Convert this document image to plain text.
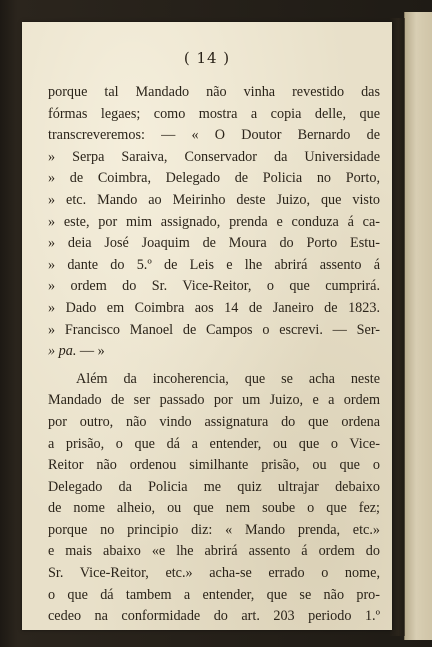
( 14 )
porque tal Mandado não vinha revestido das
fórmas legaes; como mostra a copia delle, que
transcreveremos: — « O Doutor Bernardo de
» Serpa Saraiva, Conservador da Universidade
» de Coimbra, Delegado de Policia no Porto,
» etc. Mando ao Meirinho deste Juizo, que visto
» este, por mim assignado, prenda e conduza á ca-
» deia José Joaquim de Moura do Porto Estu-
» dante do 5.º de Leis e lhe abrirá assento á
» ordem do Sr. Vice-Reitor, o que cumprirá.
» Dado em Coimbra aos 14 de Janeiro de 1823.
» Francisco Manoel de Campos o escrevi. — Ser-
» pa. — »
Além da incoherencia, que se acha neste
Mandado de ser passado por um Juizo, e a ordem
por outro, não vindo assignatura do que ordena
a prisão, o que dá a entender, ou que o Vice-
Reitor não ordenou similhante prisão, ou que o
Delegado da Policia me quiz ultrajar debaixo
de nome alheio, ou que nem soube o que fez;
porque no principio diz: « Mando prenda, etc.»
e mais abaixo «e lhe abrirá assento á ordem do
Sr. Vice-Reitor, etc.» acha-se errado o nome,
o que dá tambem a entender, que se não pro-
cedeo na conformidade do art. 203 periodo 1.º
